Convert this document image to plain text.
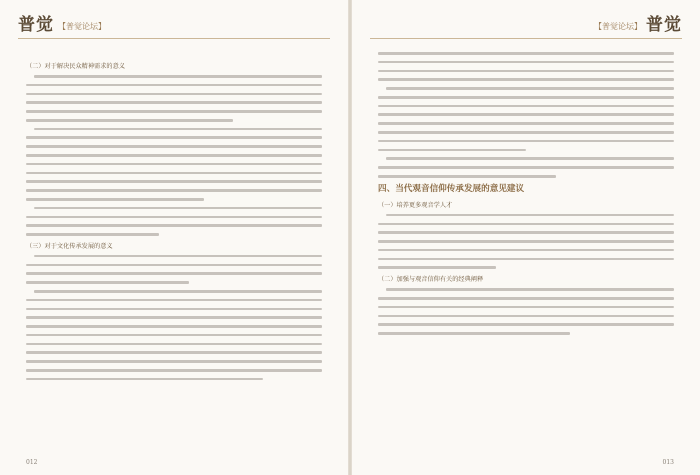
普觉 【普觉论坛】
（二）对于解决民众精神需求的意义
（三）对于文化传承发展的意义
012
【普觉论坛】 普觉
四、当代观音信仰传承发展的意见建议
（一）培养更多观音学人才
（二）加强与观音信仰有关的经典阐释
013
